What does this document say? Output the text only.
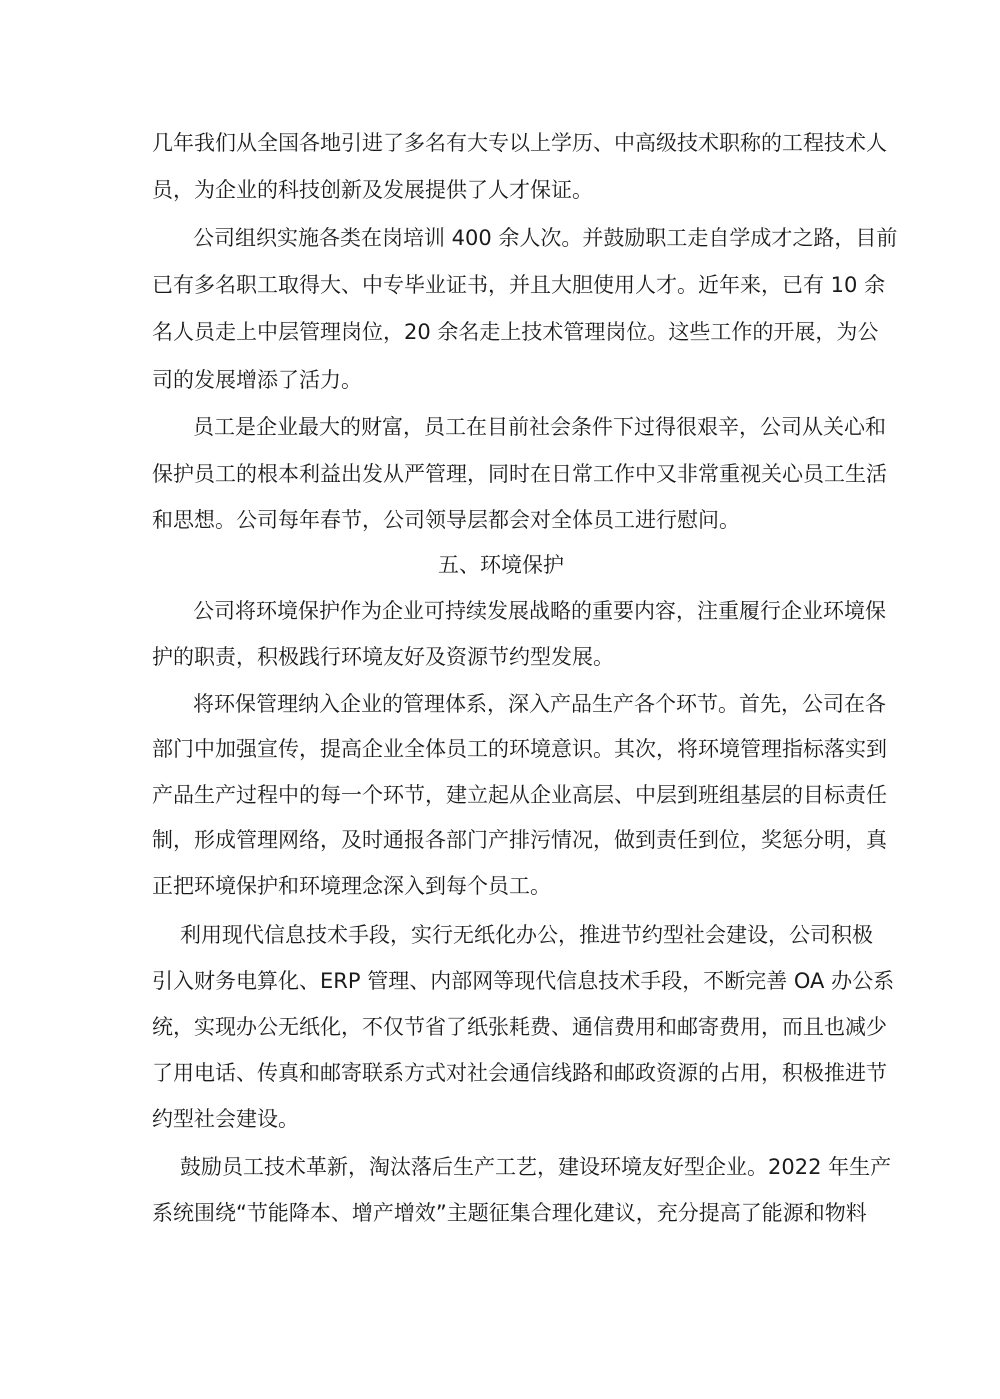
几年我们从全国各地引进了多名有大专以上学历、中高级技术职称的工程技术人
员，为企业的科技创新及发展提供了人才保证。
公司组织实施各类在岗培训 400 余人次。并鼓励职工走自学成才之路，目前
已有多名职工取得大、中专毕业证书，并且大胆使用人才。近年来，已有 10 余
名人员走上中层管理岗位，20 余名走上技术管理岗位。这些工作的开展，为公
司的发展增添了活力。
员工是企业最大的财富，员工在目前社会条件下过得很艰辛，公司从关心和
保护员工的根本利益出发从严管理，同时在日常工作中又非常重视关心员工生活
和思想。公司每年春节，公司领导层都会对全体员工进行慰问。
五、环境保护
公司将环境保护作为企业可持续发展战略的重要内容，注重履行企业环境保
护的职责，积极践行环境友好及资源节约型发展。
将环保管理纳入企业的管理体系，深入产品生产各个环节。首先，公司在各
部门中加强宣传，提高企业全体员工的环境意识。其次，将环境管理指标落实到
产品生产过程中的每一个环节，建立起从企业高层、中层到班组基层的目标责任
制，形成管理网络，及时通报各部门产排污情况，做到责任到位，奖惩分明，真
正把环境保护和环境理念深入到每个员工。
利用现代信息技术手段，实行无纸化办公，推进节约型社会建设，公司积极
引入财务电算化、ERP 管理、内部网等现代信息技术手段，不断完善 OA 办公系
统，实现办公无纸化，不仅节省了纸张耗费、通信费用和邮寄费用，而且也减少
了用电话、传真和邮寄联系方式对社会通信线路和邮政资源的占用，积极推进节
约型社会建设。
鼓励员工技术革新，淘汰落后生产工艺，建设环境友好型企业。2022 年生产
系统围绕“节能降本、增产增效”主题征集合理化建议，充分提高了能源和物料
